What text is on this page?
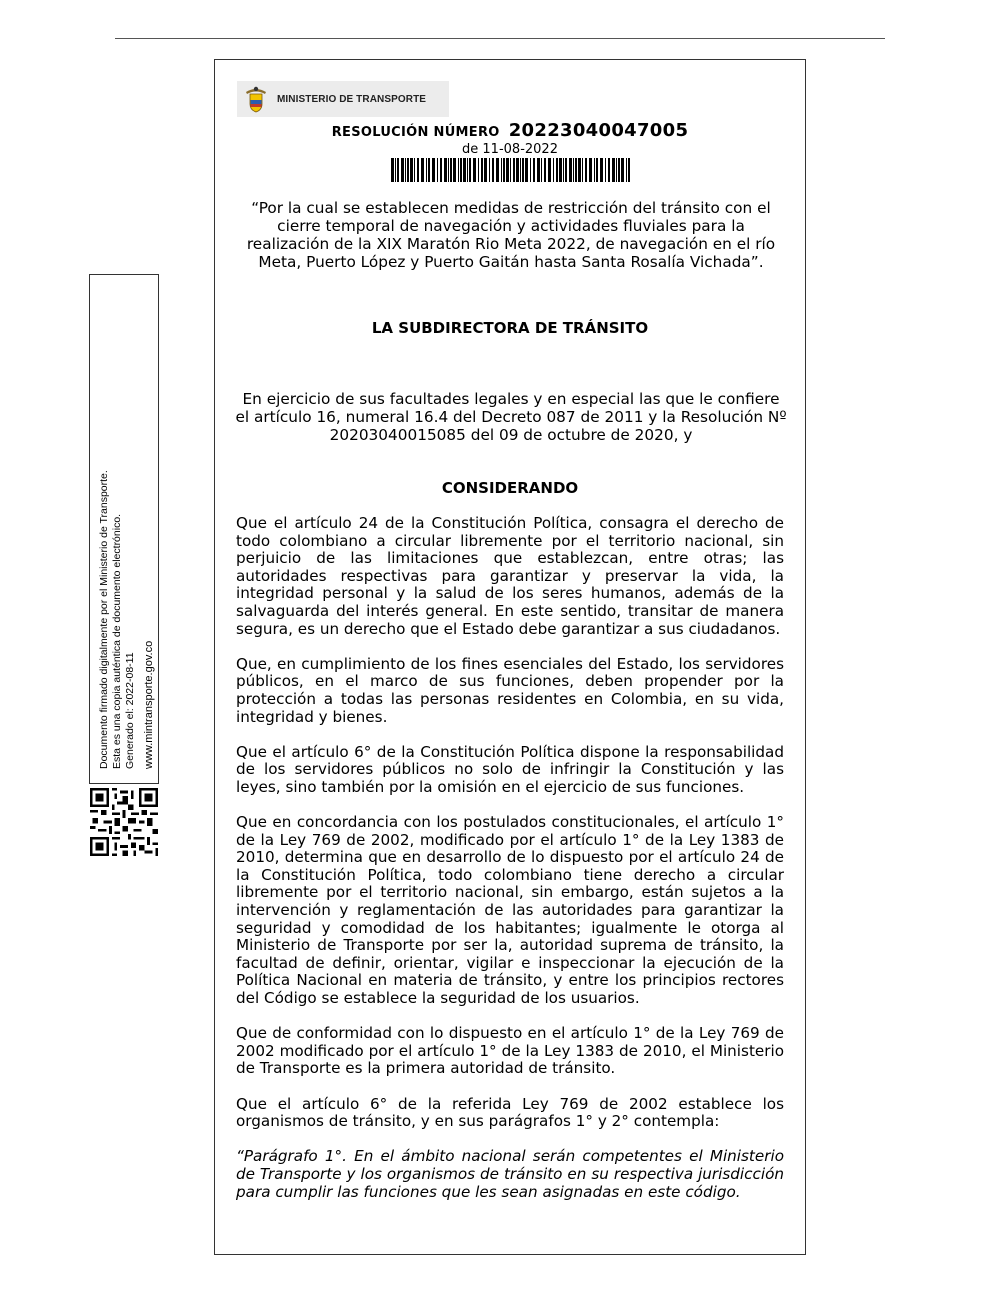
Documento firmado digitalmente por el Ministerio de Transporte. Esta es una copia auténtica de documento electrónico. Generado el: 2022-08-11 www.mintransporte.gov.co
MINISTERIO DE TRANSPORTE
RESOLUCIÓN NÚMERO 20223040047005
de 11-08-2022
“Por la cual se establecen medidas de restricción del tránsito con el cierre temporal de navegación y actividades fluviales para la realización de la XIX Maratón Rio Meta 2022, de navegación en el río Meta, Puerto López y Puerto Gaitán hasta Santa Rosalía Vichada”.
LA SUBDIRECTORA DE TRÁNSITO
En ejercicio de sus facultades legales y en especial las que le confiere el artículo 16, numeral 16.4 del Decreto 087 de 2011 y la Resolución Nº 20203040015085 del 09 de octubre de 2020, y
CONSIDERANDO

Que el artículo 24 de la Constitución Política, consagra el derecho de todo colombiano a circular libremente por el territorio nacional, sin perjuicio de las limitaciones que establezcan, entre otras; las autoridades respectivas para garantizar y preservar la vida, la integridad personal y la salud de los seres humanos, además de la salvaguarda del interés general. En este sentido, transitar de manera segura, es un derecho que el Estado debe garantizar a sus ciudadanos.

Que, en cumplimiento de los fines esenciales del Estado, los servidores públicos, en el marco de sus funciones, deben propender por la protección a todas las personas residentes en Colombia, en su vida, integridad y bienes.

Que el artículo 6° de la Constitución Política dispone la responsabilidad de los servidores públicos no solo de infringir la Constitución y las leyes, sino también por la omisión en el ejercicio de sus funciones.

Que en concordancia con los postulados constitucionales, el artículo 1° de la Ley 769 de 2002, modificado por el artículo 1° de la Ley 1383 de 2010, determina que en desarrollo de lo dispuesto por el artículo 24 de la Constitución Política, todo colombiano tiene derecho a circular libremente por el territorio nacional, sin embargo, están sujetos a la intervención y reglamentación de las autoridades para garantizar la seguridad y comodidad de los habitantes; igualmente le otorga al Ministerio de Transporte por ser la, autoridad suprema de tránsito, la facultad de definir, orientar, vigilar e inspeccionar la ejecución de la Política Nacional en materia de tránsito, y entre los principios rectores del Código se establece la seguridad de los usuarios.

Que de conformidad con lo dispuesto en el artículo 1° de la Ley 769 de 2002 modificado por el artículo 1° de la Ley 1383 de 2010, el Ministerio de Transporte es la primera autoridad de tránsito.

Que el artículo 6° de la referida Ley 769 de 2002 establece los organismos de tránsito, y en sus parágrafos 1° y 2° contempla:

“Parágrafo 1°. En el ámbito nacional serán competentes el Ministerio de Transporte y los organismos de tránsito en su respectiva jurisdicción para cumplir las funciones que les sean asignadas en este código.
